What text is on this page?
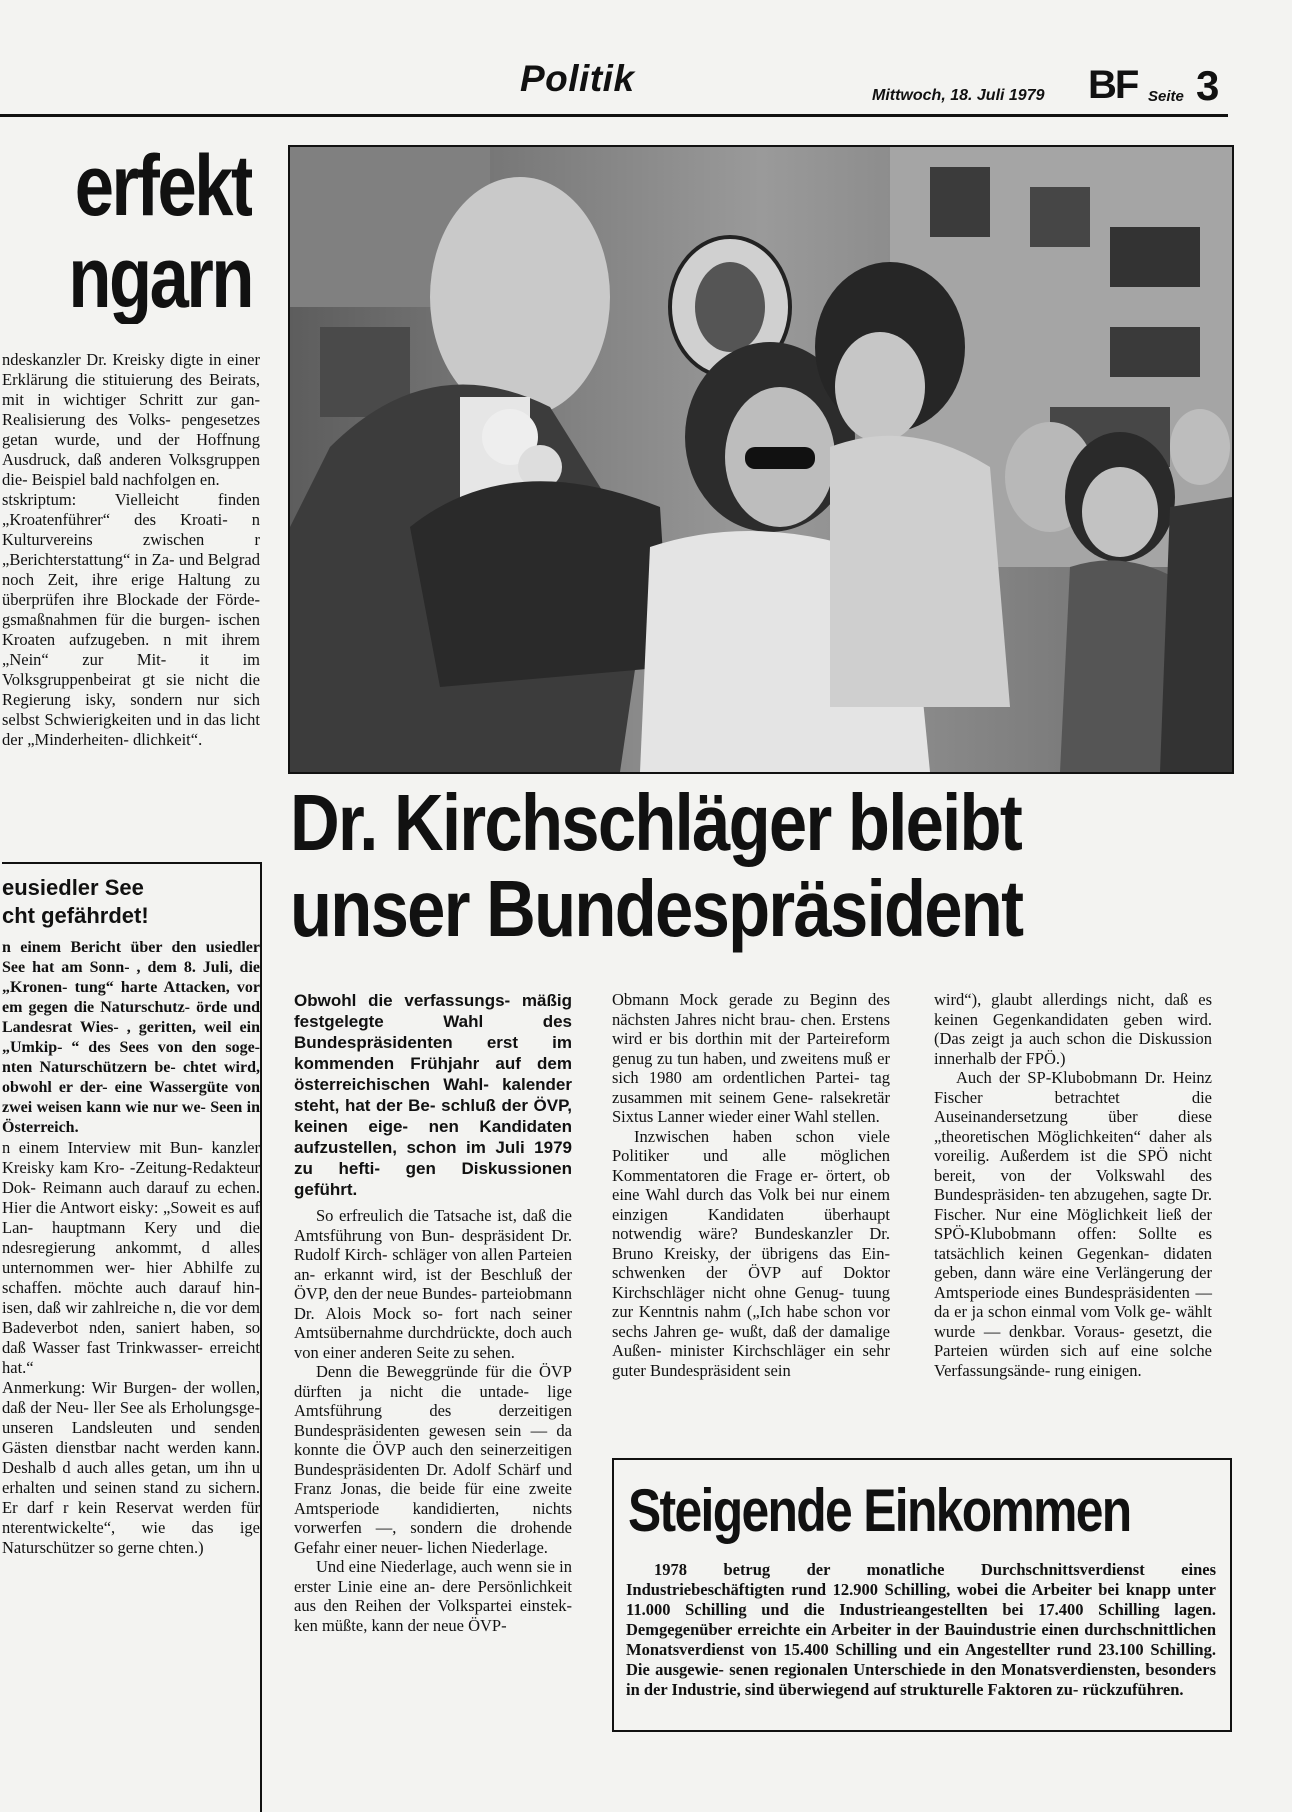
Politik	Mittwoch, 18. Juli 1979 BF Seite 3
erfekt
ngarn

ndeskanzler Dr. Kreisky digte in einer Erklärung die stituierung des Beirats, mit in wichtiger Schritt zur gan- Realisierung des Volks- pengesetzes getan wurde, und der Hoffnung Ausdruck, daß anderen Volksgruppen die- Beispiel bald nachfolgen en.

stskriptum: Vielleicht finden „Kroatenführer“ des Kroati- n Kulturvereins zwischen r „Berichterstattung“ in Za- und Belgrad noch Zeit, ihre erige Haltung zu überprüfen ihre Blockade der Förde- gsmaßnahmen für die burgen- ischen Kroaten aufzugeben. n mit ihrem „Nein“ zur Mit- it im Volksgruppenbeirat gt sie nicht die Regierung isky, sondern nur sich selbst Schwierigkeiten und in das licht der „Minderheiten- dlichkeit“.

eusiedler See
cht gefährdet!

n einem Bericht über den usiedler See hat am Sonn- , dem 8. Juli, die „Kronen- tung“ harte Attacken, vor em gegen die Naturschutz- örde und Landesrat Wies- , geritten, weil ein „Umkip- “ des Sees von den soge- nten Naturschützern be- chtet wird, obwohl er der- eine Wassergüte von zwei weisen kann wie nur we- Seen in Österreich.

n einem Interview mit Bun- kanzler Kreisky kam Kro- -Zeitung-Redakteur Dok- Reimann auch darauf zu echen. Hier die Antwort eisky: „Soweit es auf Lan- hauptmann Kery und die ndesregierung ankommt, d alles unternommen wer- hier Abhilfe zu schaffen. möchte auch darauf hin- isen, daß wir zahlreiche n, die vor dem Badeverbot nden, saniert haben, so daß Wasser fast Trinkwasser- erreicht hat.“

Anmerkung: Wir Burgen- der wollen, daß der Neu- ller See als Erholungsge- unseren Landsleuten und senden Gästen dienstbar nacht werden kann. Deshalb d auch alles getan, um ihn u erhalten und seinen stand zu sichern. Er darf r kein Reservat werden für nterentwickelte“, wie das ige Naturschützer so gerne chten.)

Dr. Kirchschläger bleibt
unser Bundespräsident

Obwohl die verfassungs- mäßig festgelegte Wahl des Bundespräsidenten erst im kommenden Frühjahr auf dem österreichischen Wahl- kalender steht, hat der Be- schluß der ÖVP, keinen eige- nen Kandidaten aufzustellen, schon im Juli 1979 zu hefti- gen Diskussionen geführt.

So erfreulich die Tatsache ist, daß die Amtsführung von Bun- despräsident Dr. Rudolf Kirch- schläger von allen Parteien an- erkannt wird, ist der Beschluß der ÖVP, den der neue Bundes- parteiobmann Dr. Alois Mock so- fort nach seiner Amtsübernahme durchdrückte, doch auch von einer anderen Seite zu sehen.

Denn die Beweggründe für die ÖVP dürften ja nicht die untade- lige Amtsführung des derzeitigen Bundespräsidenten gewesen sein — da konnte die ÖVP auch den seinerzeitigen Bundespräsidenten Dr. Adolf Schärf und Franz Jonas, die beide für eine zweite Amtsperiode kandidierten, nichts vorwerfen —, sondern die drohende Gefahr einer neuer- lichen Niederlage.

Und eine Niederlage, auch wenn sie in erster Linie eine an- dere Persönlichkeit aus den Reihen der Volkspartei einstek- ken müßte, kann der neue ÖVP-

Obmann Mock gerade zu Beginn des nächsten Jahres nicht brau- chen. Erstens wird er bis dorthin mit der Parteireform genug zu tun haben, und zweitens muß er sich 1980 am ordentlichen Partei- tag zusammen mit seinem Gene- ralsekretär Sixtus Lanner wieder einer Wahl stellen.

Inzwischen haben schon viele Politiker und alle möglichen Kommentatoren die Frage er- örtert, ob eine Wahl durch das Volk bei nur einem einzigen Kandidaten überhaupt notwendig wäre? Bundeskanzler Dr. Bruno Kreisky, der übrigens das Ein- schwenken der ÖVP auf Doktor Kirchschläger nicht ohne Genug- tuung zur Kenntnis nahm („Ich habe schon vor sechs Jahren ge- wußt, daß der damalige Außen- minister Kirchschläger ein sehr guter Bundespräsident sein

wird“), glaubt allerdings nicht, daß es keinen Gegenkandidaten geben wird. (Das zeigt ja auch schon die Diskussion innerhalb der FPÖ.)

Auch der SP-Klubobmann Dr. Heinz Fischer betrachtet die Auseinandersetzung über diese „theoretischen Möglichkeiten“ daher als voreilig. Außerdem ist die SPÖ nicht bereit, von der Volkswahl des Bundespräsiden- ten abzugehen, sagte Dr. Fischer. Nur eine Möglichkeit ließ der SPÖ-Klubobmann offen: Sollte es tatsächlich keinen Gegenkan- didaten geben, dann wäre eine Verlängerung der Amtsperiode eines Bundespräsidenten — da er ja schon einmal vom Volk ge- wählt wurde — denkbar. Voraus- gesetzt, die Parteien würden sich auf eine solche Verfassungsände- rung einigen.

Steigende Einkommen

1978 betrug der monatliche Durchschnittsverdienst eines Industriebeschäftigten rund 12.900 Schilling, wobei die Arbeiter bei knapp unter 11.000 Schilling und die Industrieangestellten bei 17.400 Schilling lagen. Demgegenüber erreichte ein Arbeiter in der Bauindustrie einen durchschnittlichen Monatsverdienst von 15.400 Schilling und ein Angestellter rund 23.100 Schilling. Die ausgewie- senen regionalen Unterschiede in den Monatsverdiensten, besonders in der Industrie, sind überwiegend auf strukturelle Faktoren zu- rückzuführen.
